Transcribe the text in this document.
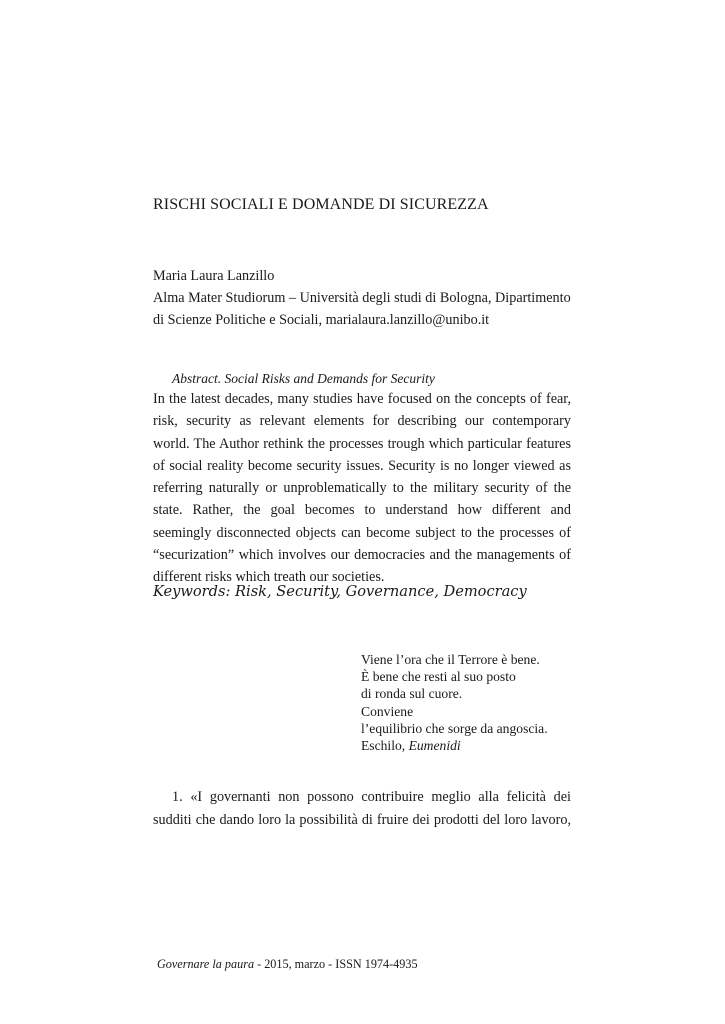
RISCHI SOCIALI E DOMANDE DI SICUREZZA
Maria Laura Lanzillo
Alma Mater Studiorum – Università degli studi di Bologna, Dipartimento
di Scienze Politiche e Sociali, marialaura.lanzillo@unibo.it
Abstract. Social Risks and Demands for Security
In the latest decades, many studies have focused on the concepts of fear,
risk, security as relevant elements for describing our contemporary
world. The Author rethink the processes trough which particular features
of social reality become security issues. Security is no longer viewed as
referring naturally or unproblematically to the military security of the
state. Rather, the goal becomes to understand how different and
seemingly disconnected objects can become subject to the processes of
“securization” which involves our democracies and the managements of
different risks which treath our societies.
Keywords: Risk, Security, Governance, Democracy
Viene l’ora che il Terrore è bene.
È bene che resti al suo posto
di ronda sul cuore.
Conviene
l’equilibrio che sorge da angoscia.
Eschilo, Eumenidi
1. «I governanti non possono contribuire meglio alla felicità dei
sudditi che dando loro la possibilità di fruire dei prodotti del loro lavoro,
Governare la paura - 2015, marzo - ISSN 1974-4935
